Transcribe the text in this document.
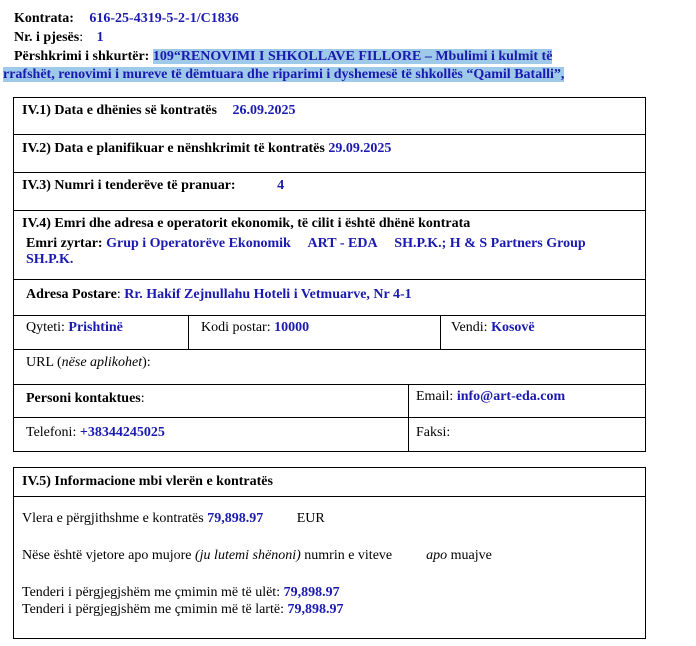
Kontrata: 616-25-4319-5-2-1/C1836
Nr. i pjesës: 1
Përshkrimi i shkurtër: 109“RENOVIMI I SHKOLLAVE FILLORE – Mbulimi i kulmit të
rrafshët, renovimi i mureve të dëmtuara dhe riparimi i dyshemesë të shkollës “Qamil Batalli”,
IV.1) Data e dhënies së kontratës 26.09.2025
IV.2) Data e planifikuar e nënshkrimit të kontratës 29.09.2025
IV.3) Numri i tenderëve të pranuar:	4
IV.4) Emri dhe adresa e operatorit ekonomik, të cilit i është dhënë kontrata
Emri zyrtar: Grup i Operatorëve Ekonomik     ART - EDA     SH.P.K.; H & S Partners Group
SH.P.K.
Adresa Postare: Rr. Hakif Zejnullahu Hoteli i Vetmuarve, Nr 4-1
Qyteti: Prishtinë	Kodi postar: 10000	Vendi: Kosovë
URL (nëse aplikohet):
Personi kontaktues:	Email: info@art-eda.com
Telefoni: +38344245025	Faksi:
IV.5) Informacione mbi vlerën e kontratës
Vlera e përgjithshme e kontratës 79,898.97 EUR
Nëse është vjetore apo mujore (ju lutemi shënoni) numrin e viteve apo muajve
Tenderi i përgjegjshëm me çmimin më të ulët: 79,898.97
Tenderi i përgjegjshëm me çmimin më të lartë: 79,898.97
